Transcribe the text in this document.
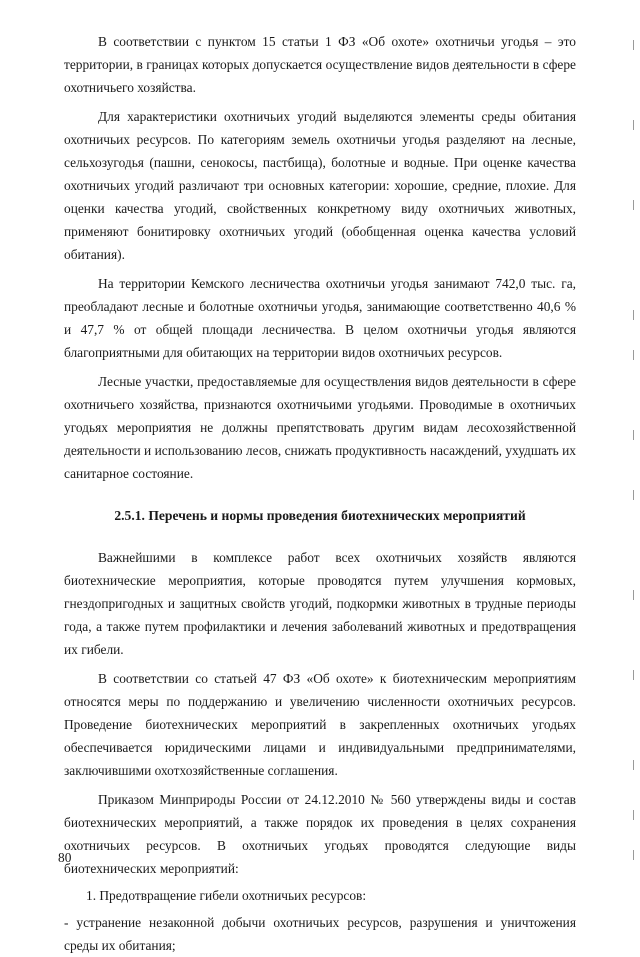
В соответствии с пунктом 15 статьи 1 ФЗ «Об охоте» охотничьи угодья – это территории, в границах которых допускается осуществление видов деятельности в сфере охотничьего хозяйства.

Для характеристики охотничьих угодий выделяются элементы среды обитания охотничьих ресурсов. По категориям земель охотничьи угодья разделяют на лесные, сельхозугодья (пашни, сенокосы, пастбища), болотные и водные. При оценке качества охотничьих угодий различают три основных категории: хорошие, средние, плохие. Для оценки качества угодий, свойственных конкретному виду охотничьих животных, применяют бонитировку охотничьих угодий (обобщенная оценка качества условий обитания).

На территории Кемского лесничества охотничьи угодья занимают 742,0 тыс. га, преобладают лесные и болотные охотничьи угодья, занимающие соответственно 40,6 % и 47,7 % от общей площади лесничества. В целом охотничьи угодья являются благоприятными для обитающих на территории видов охотничьих ресурсов.

Лесные участки, предоставляемые для осуществления видов деятельности в сфере охотничьего хозяйства, признаются охотничьими угодьями. Проводимые в охотничьих угодьях мероприятия не должны препятствовать другим видам лесохозяйственной деятельности и использованию лесов, снижать продуктивность насаждений, ухудшать их санитарное состояние.

2.5.1. Перечень и нормы проведения биотехнических мероприятий

Важнейшими в комплексе работ всех охотничьих хозяйств являются биотехнические мероприятия, которые проводятся путем улучшения кормовых, гнездопригодных и защитных свойств угодий, подкормки животных в трудные периоды года, а также путем профилактики и лечения заболеваний животных и предотвращения их гибели.

В соответствии со статьей 47 ФЗ «Об охоте» к биотехническим мероприятиям относятся меры по поддержанию и увеличению численности охотничьих ресурсов. Проведение биотехнических мероприятий в закрепленных охотничьих угодьях обеспечивается юридическими лицами и индивидуальными предпринимателями, заключившими охотхозяйственные соглашения.

Приказом Минприроды России от 24.12.2010 № 560 утверждены виды и состав биотехнических мероприятий, а также порядок их проведения в целях сохранения охотничьих ресурсов. В охотничьих угодьях проводятся следующие виды биотехнических мероприятий:

1. Предотвращение гибели охотничьих ресурсов:

- устранение незаконной добычи охотничьих ресурсов, разрушения и уничтожения среды их обитания;

80
